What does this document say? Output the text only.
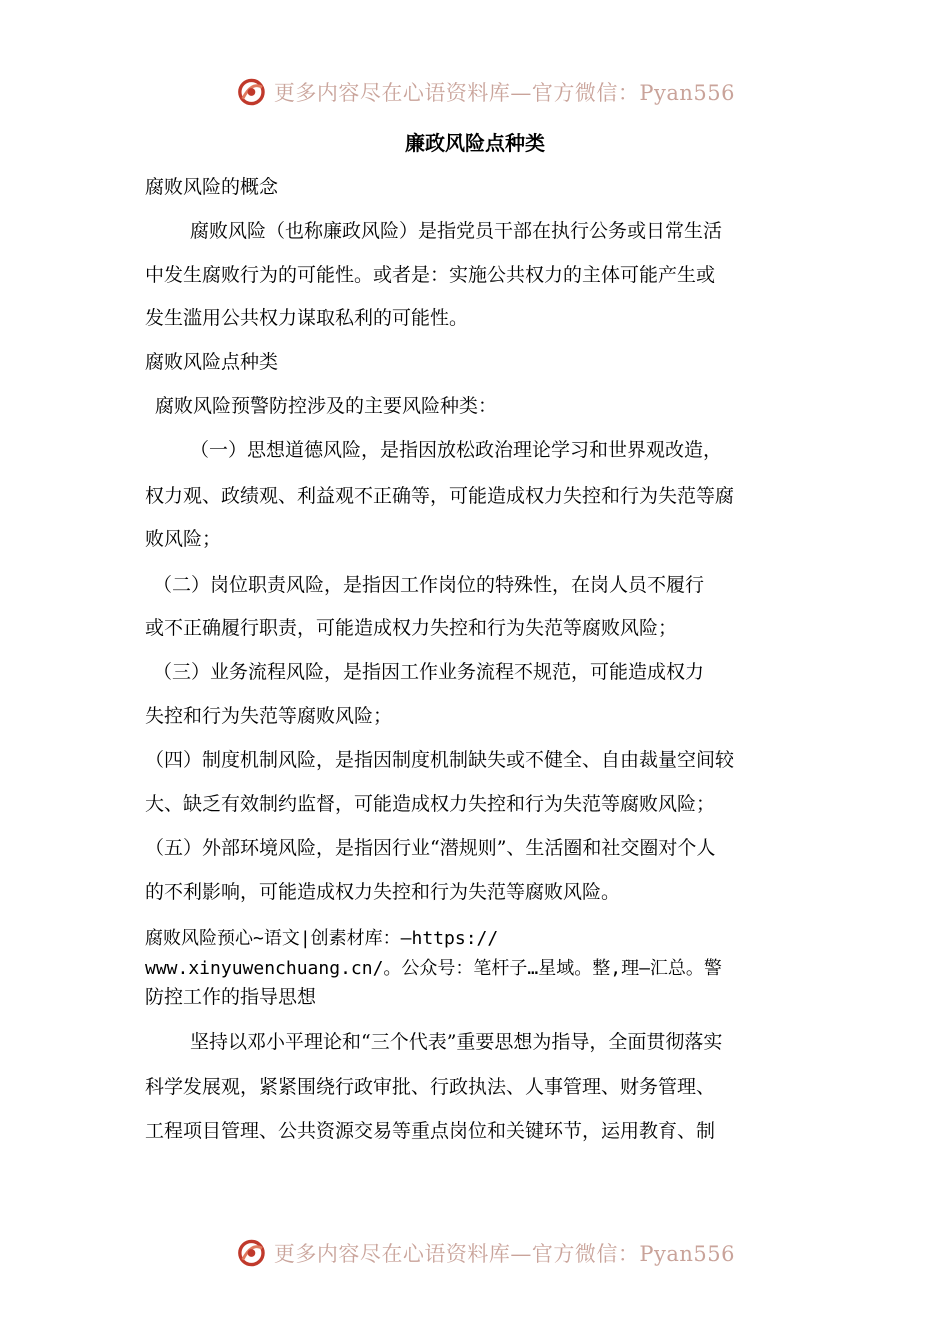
更多内容尽在心语资料库—官方微信：Pyan556
廉政风险点种类
腐败风险的概念
腐败风险（也称廉政风险）是指党员干部在执行公务或日常生活
中发生腐败行为的可能性。或者是：实施公共权力的主体可能产生或
发生滥用公共权力谋取私利的可能性。
腐败风险点种类
腐败风险预警防控涉及的主要风险种类：
（一）思想道德风险，是指因放松政治理论学习和世界观改造，
权力观、政绩观、利益观不正确等，可能造成权力失控和行为失范等腐
败风险；
（二）岗位职责风险，是指因工作岗位的特殊性，在岗人员不履行
或不正确履行职责，可能造成权力失控和行为失范等腐败风险；
（三）业务流程风险，是指因工作业务流程不规范，可能造成权力
失控和行为失范等腐败风险；
（四）制度机制风险，是指因制度机制缺失或不健全、自由裁量空间较
大、缺乏有效制约监督，可能造成权力失控和行为失范等腐败风险；
（五）外部环境风险，是指因行业“潜规则”、生活圈和社交圈对个人
的不利影响，可能造成权力失控和行为失范等腐败风险。
腐败风险预心~语文|创素材库：—https://
www.xinyuwenchuang.cn/。公众号：笔杆子…星域。整,理—汇总。警
防控工作的指导思想
坚持以邓小平理论和“三个代表”重要思想为指导，全面贯彻落实
科学发展观，紧紧围绕行政审批、行政执法、人事管理、财务管理、
工程项目管理、公共资源交易等重点岗位和关键环节，运用教育、制
更多内容尽在心语资料库—官方微信：Pyan556
